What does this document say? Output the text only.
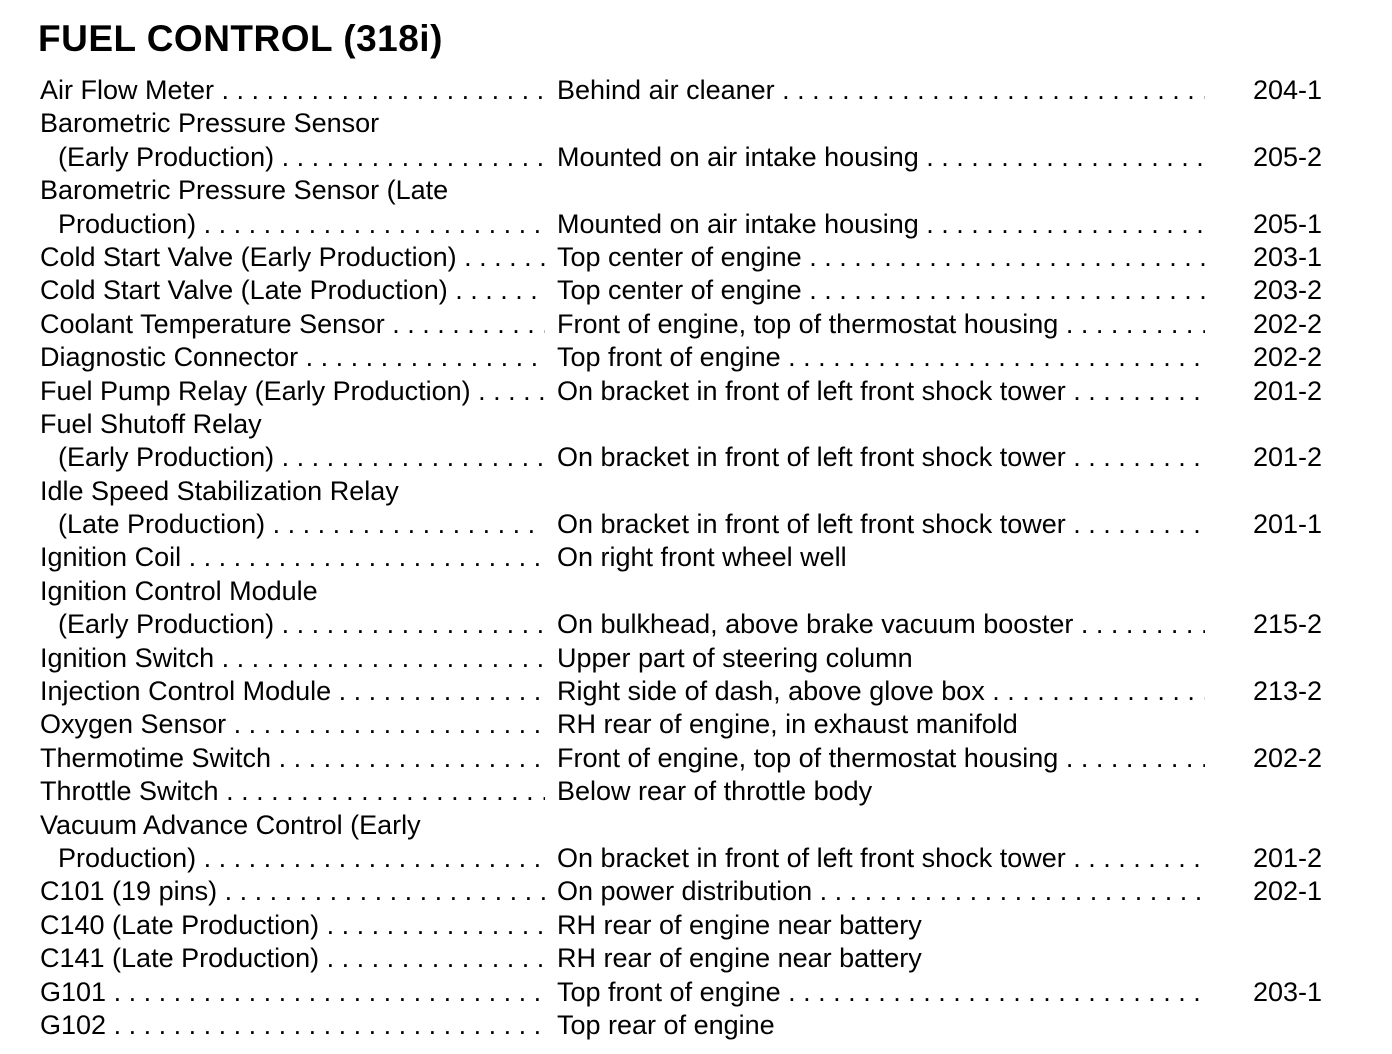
FUEL CONTROL (318i)
Air Flow Meter . . .	Behind air cleaner . . .	204-1
Barometric Pressure Sensor
(Early Production) . . .	Mounted on air intake housing . . .	205-2
Barometric Pressure Sensor (Late
Production) . . .	Mounted on air intake housing . . .	205-1
Cold Start Valve (Early Production) . . .	Top center of engine . . .	203-1
Cold Start Valve (Late Production) . . .	Top center of engine . . .	203-2
Coolant Temperature Sensor . . .	Front of engine, top of thermostat housing . . .	202-2
Diagnostic Connector . . .	Top front of engine . . .	202-2
Fuel Pump Relay (Early Production) . . .	On bracket in front of left front shock tower . . .	201-2
Fuel Shutoff Relay
(Early Production) . . .	On bracket in front of left front shock tower . . .	201-2
Idle Speed Stabilization Relay
(Late Production) . . .	On bracket in front of left front shock tower . . .	201-1
Ignition Coil . . .	On right front wheel well
Ignition Control Module
(Early Production) . . .	On bulkhead, above brake vacuum booster . . .	215-2
Ignition Switch . . .	Upper part of steering column
Injection Control Module . . .	Right side of dash, above glove box . . .	213-2
Oxygen Sensor . . .	RH rear of engine, in exhaust manifold
Thermotime Switch . . .	Front of engine, top of thermostat housing . . .	202-2
Throttle Switch . . .	Below rear of throttle body
Vacuum Advance Control (Early
Production) . . .	On bracket in front of left front shock tower . . .	201-2
C101 (19 pins) . . .	On power distribution . . .	202-1
C140 (Late Production) . . .	RH rear of engine near battery
C141 (Late Production) . . .	RH rear of engine near battery
G101 . . .	Top front of engine . . .	203-1
G102 . . .	Top rear of engine
